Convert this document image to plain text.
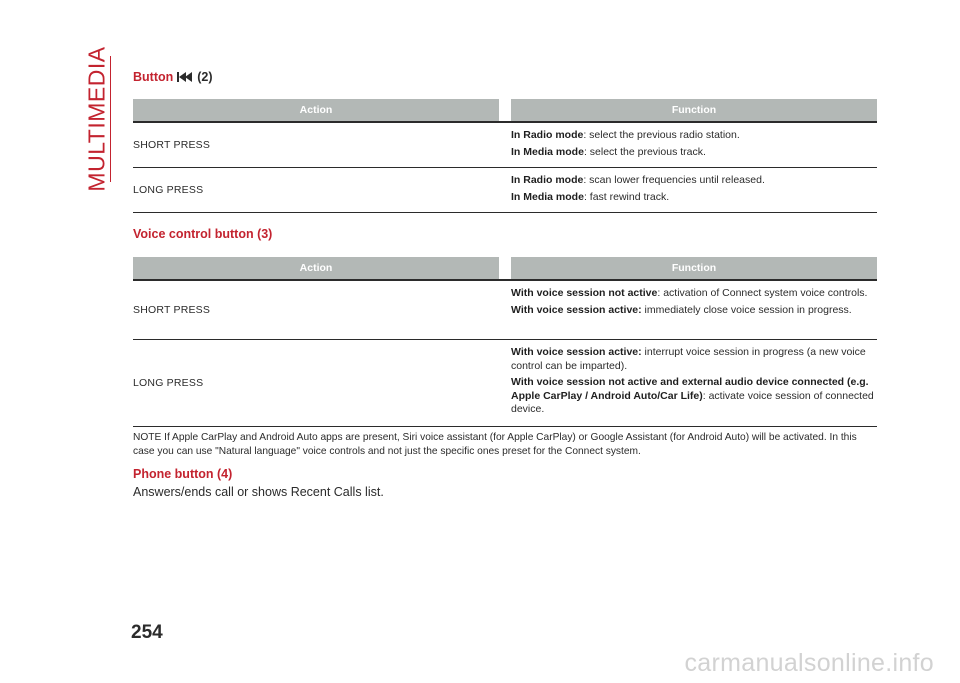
MULTIMEDIA Button (2)
Action	Function
SHORT PRESS

In Radio mode: select the previous radio station.

In Media mode: select the previous track.

LONG PRESS

In Radio mode: scan lower frequencies until released.

In Media mode: fast rewind track.

Voice control button (3)
Action	Function
SHORT PRESS

With voice session not active: activation of Connect system voice controls.

With voice session active: immediately close voice session in progress.

LONG PRESS

With voice session active: interrupt voice session in progress (a new voice control can be imparted).

With voice session not active and external audio device connected (e.g. Apple CarPlay / Android Auto/Car Life): activate voice session of connected device.

NOTE If Apple CarPlay and Android Auto apps are present, Siri voice assistant (for Apple CarPlay) or Google Assistant (for Android Auto) will be activated. In this case you can use "Natural language" voice controls and not just the specific ones preset for the Connect system.
Phone button (4)
Answers/ends call or shows Recent Calls list.
254
carmanualsonline.info
